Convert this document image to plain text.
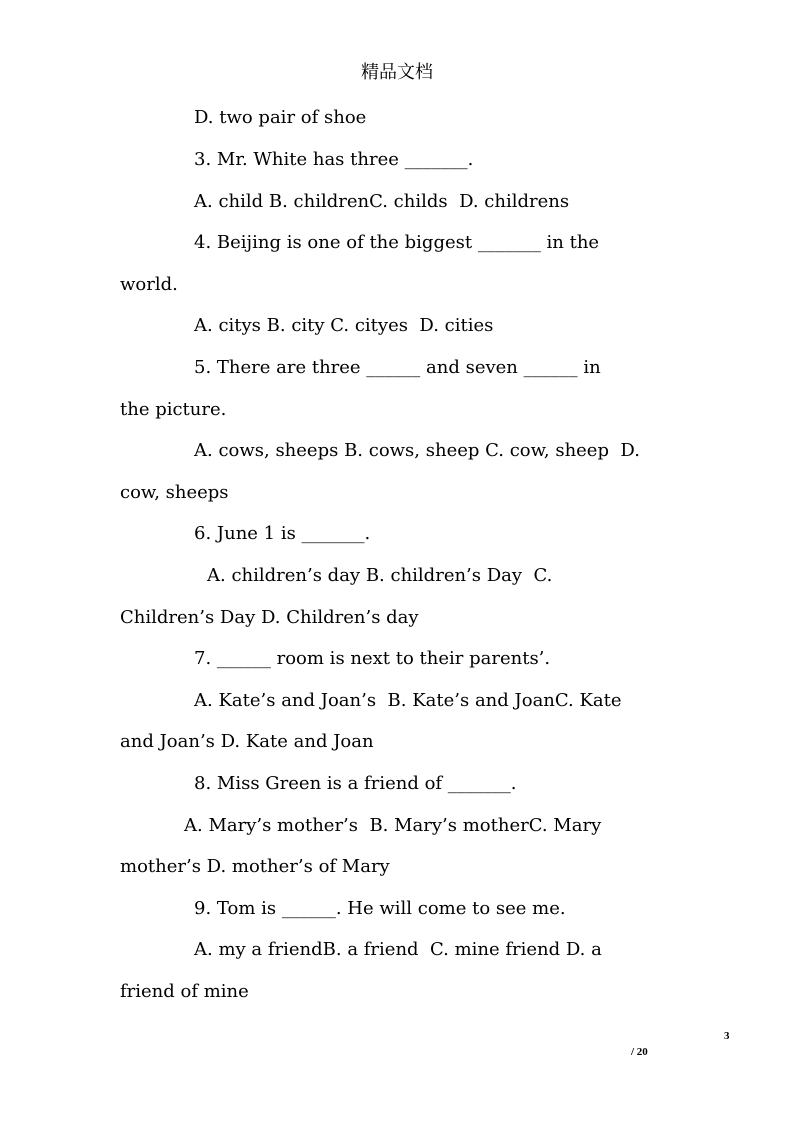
精品文档
D. two pair of shoe
3. Mr. White has three _______.
A. child B. childrenC. childs  D. childrens
4. Beijing is one of the biggest _______ in the
world.
A. citys B. city C. cityes  D. cities
5. There are three ______ and seven ______ in
the picture.
A. cows, sheeps B. cows, sheep C. cow, sheep  D.
cow, sheeps
6. June 1 is _______.
A. children’s day B. children’s Day  C.
Children’s Day D. Children’s day
7. ______ room is next to their parents’.
A. Kate’s and Joan’s  B. Kate’s and JoanC. Kate
and Joan’s D. Kate and Joan
8. Miss Green is a friend of _______.
A. Mary’s mother’s  B. Mary’s motherC. Mary
mother’s D. mother’s of Mary
9. Tom is ______. He will come to see me.
A. my a friendB. a friend  C. mine friend D. a
friend of mine
3
/ 20
